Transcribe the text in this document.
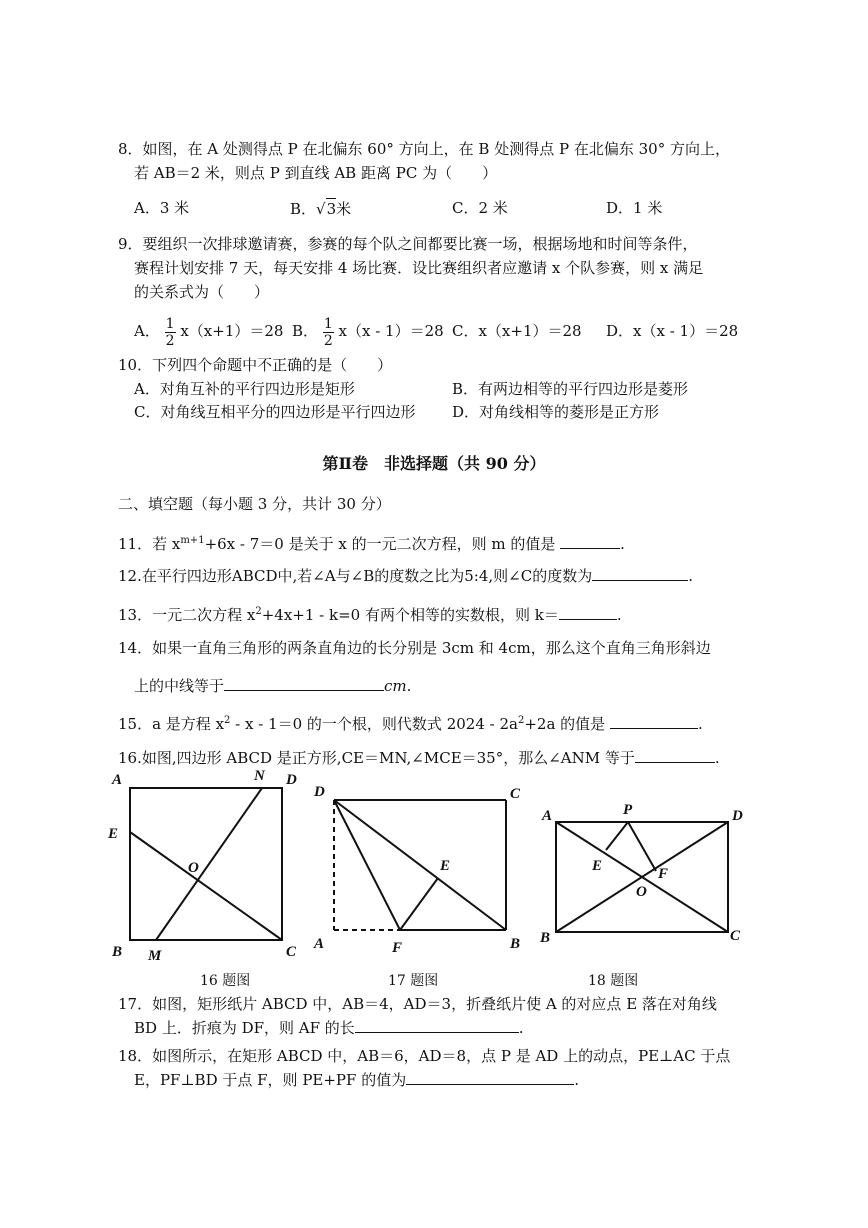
8．如图，在 A 处测得点 P 在北偏东 60° 方向上，在 B 处测得点 P 在北偏东 30° 方向上，
若 AB＝2 米，则点 P 到直线 AB 距离 PC 为（　　）
A．3 米	B．√3米	C．2 米	D．1 米
9．要组织一次排球邀请赛，参赛的每个队之间都要比赛一场，根据场地和时间等条件，
赛程计划安排 7 天，每天安排 4 场比赛．设比赛组织者应邀请 x 个队参赛，则 x 满足
的关系式为（　　）
A． $\frac{1}{2} x(x+1)=28$ B． $\frac{1}{2} x(x - 1)=28$ C．x（x+1）＝28 D．x（x - 1）＝28
10．下列四个命题中不正确的是（　　）
A．对角互补的平行四边形是矩形	B．有两边相等的平行四边形是菱形
C．对角线互相平分的四边形是平行四边形 D．对角线相等的菱形是正方形
第Ⅱ卷　非选择题（共 90 分）
二、填空题（每小题 3 分，共计 30 分）
11．若 $x^{m+1}+6x - 7=0$ 是关于 x 的一元二次方程，则 m 的值是	.
12.在平行四边形ABCD中,若∠A与∠B的度数之比为5:4,则∠C的度数为	.
13．一元二次方程 $x^2+4x+1 - k=0$ 有两个相等的实数根，则 k＝	.
14．如果一直角三角形的两条直角边的长分别是 3cm 和 4cm，那么这个直角三角形斜边
上的中线等于	cm.
15．a 是方程 $x^2 - x - 1=0$ 的一个根，则代数式 $2024 - 2a^2+2a$ 的值是	.
16.如图,四边形 ABCD 是正方形,CE＝MN,∠MCE＝35°，那么∠ANM 等于	.
A	N D
E
O
B M	C
16 题图
D	C
E
A	F	B
17 题图
A	P	D
E	F
O
B	C
18 题图
17．如图，矩形纸片 ABCD 中，AB＝4，AD＝3，折叠纸片使 A 的对应点 E 落在对角线
BD 上．折痕为 DF，则 AF 的长	.
18．如图所示，在矩形 ABCD 中，AB＝6，AD＝8，点 P 是 AD 上的动点，PE⊥AC 于点
E，PF⊥BD 于点 F，则 PE+PF 的值为	.
